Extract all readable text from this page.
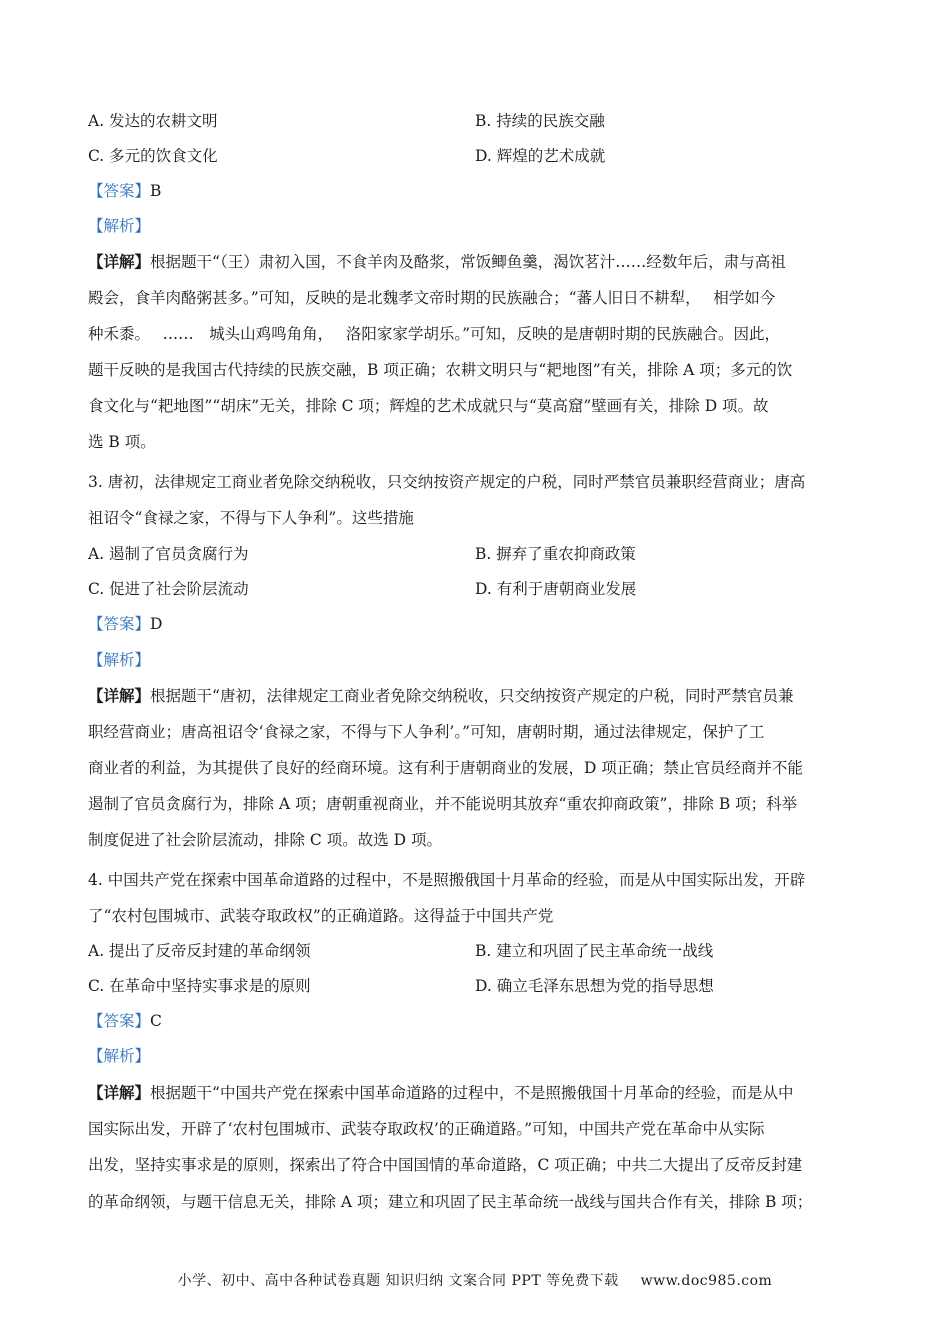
A. 发达的农耕文明	B. 持续的民族交融
C. 多元的饮食文化	D. 辉煌的艺术成就
【答案】B
【解析】
【详解】根据题干“（王）肃初入国，不食羊肉及酪浆，常饭鲫鱼羹，渴饮茗汁……经数年后，肃与高祖
殿会，食羊肉酪粥甚多。”可知，反映的是北魏孝文帝时期的民族融合；“蕃人旧日不耕犁，　 相学如今
种禾黍。　 ……　城头山鸡鸣角角，　 洛阳家家学胡乐。”可知，反映的是唐朝时期的民族融合。因此，
题干反映的是我国古代持续的民族交融，B 项正确；农耕文明只与“耙地图”有关，排除 A 项；多元的饮
食文化与“耙地图”“胡床”无关，排除 C 项；辉煌的艺术成就只与“莫高窟”壁画有关，排除 D 项。故
选 B 项。
3. 唐初，法律规定工商业者免除交纳税收，只交纳按资产规定的户税，同时严禁官员兼职经营商业；唐高
祖诏令“食禄之家，不得与下人争利”。这些措施
A. 遏制了官员贪腐行为	B. 摒弃了重农抑商政策
C. 促进了社会阶层流动	D. 有利于唐朝商业发展
【答案】D
【解析】
【详解】根据题干“唐初，法律规定工商业者免除交纳税收，只交纳按资产规定的户税，同时严禁官员兼
职经营商业；唐高祖诏令‘食禄之家，不得与下人争利’。”可知，唐朝时期，通过法律规定，保护了工
商业者的利益，为其提供了良好的经商环境。这有利于唐朝商业的发展，D 项正确；禁止官员经商并不能
遏制了官员贪腐行为，排除 A 项；唐朝重视商业，并不能说明其放弃“重农抑商政策”，排除 B 项；科举
制度促进了社会阶层流动，排除 C 项。故选 D 项。
4. 中国共产党在探索中国革命道路的过程中，不是照搬俄国十月革命的经验，而是从中国实际出发，开辟
了“农村包围城市、武装夺取政权”的正确道路。这得益于中国共产党
A. 提出了反帝反封建的革命纲领	B. 建立和巩固了民主革命统一战线
C. 在革命中坚持实事求是的原则	D. 确立毛泽东思想为党的指导思想
【答案】C
【解析】
【详解】根据题干“中国共产党在探索中国革命道路的过程中，不是照搬俄国十月革命的经验，而是从中
国实际出发，开辟了‘农村包围城市、武装夺取政权’的正确道路。”可知，中国共产党在革命中从实际
出发，坚持实事求是的原则，探索出了符合中国国情的革命道路，C 项正确；中共二大提出了反帝反封建
的革命纲领，与题干信息无关，排除 A 项；建立和巩固了民主革命统一战线与国共合作有关，排除 B 项；
小学、初中、高中各种试卷真题 知识归纳 文案合同 PPT 等免费下载 www.doc985.com
